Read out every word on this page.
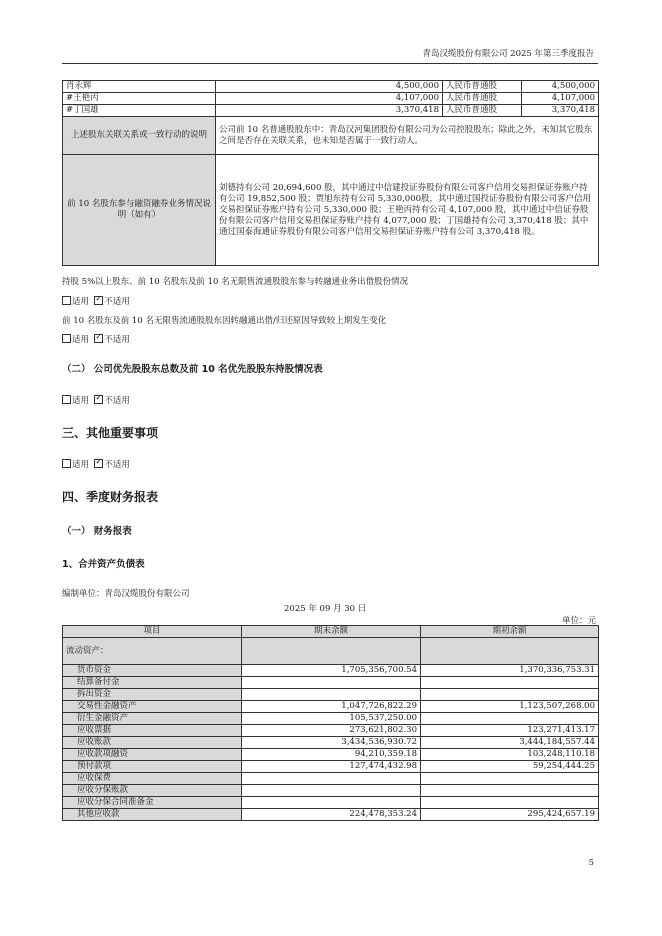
青岛汉缆股份有限公司 2025 年第三季度报告
肖永辉	4,500,000	人民币普通股	4,500,000
#王艳丙	4,107,000	人民币普通股	4,107,000
#丁国雄	3,370,418	人民币普通股	3,370,418
上述股东关联关系或一致行动的说明	公司前 10 名普通股股东中：青岛汉河集团股份有限公司为公司控股股东；除此之外，未知其它股东之间是否存在关联关系，也未知是否属于一致行动人。		
前 10 名股东参与融资融券业务情况说明（如有）	刘德持有公司 20,694,600 股，其中通过中信建投证券股份有限公司客户信用交易担保证券账户持有公司 19,852,500 股；贾旭东持有公司 5,330,000股，其中通过国投证券股份有限公司客户信用交易担保证券账户持有公司 5,330,000 股；王艳丙持有公司 4,107,000 股，其中通过中信证券股份有限公司客户信用交易担保证券账户持有 4,077,000 股；丁国雄持有公司 3,370,418 股；其中通过国泰海通证券股份有限公司客户信用交易担保证券账户持有公司 3,370,418 股。		
持股 5%以上股东、前 10 名股东及前 10 名无限售流通股股东参与转融通业务出借股份情况
适用 ✓ 不适用
前 10 名股东及前 10 名无限售流通股股东因转融通出借/归还原因导致较上期发生变化
适用 ✓ 不适用
（二） 公司优先股股东总数及前 10 名优先股股东持股情况表
适用 ✓ 不适用
三、其他重要事项
适用 ✓ 不适用
四、季度财务报表
（一） 财务报表
1、合并资产负债表
编制单位：青岛汉缆股份有限公司
2025 年 09 月 30 日
单位：元
项目	期末余额	期初余额
流动资产：		
货币资金	1,705,356,700.54	1,370,336,753.31
结算备付金		
拆出资金		
交易性金融资产	1,047,726,822.29	1,123,507,268.00
衍生金融资产	105,537,250.00	
应收票据	273,621,802.30	123,271,413.17
应收账款	3,434,536,930.72	3,444,184,557.44
应收款项融资	94,210,359.18	103,248,110.18
预付款项	127,474,432.98	59,254,444.25
应收保费		
应收分保账款		
应收分保合同准备金		
其他应收款	224,478,353.24	295,424,657.19
5
